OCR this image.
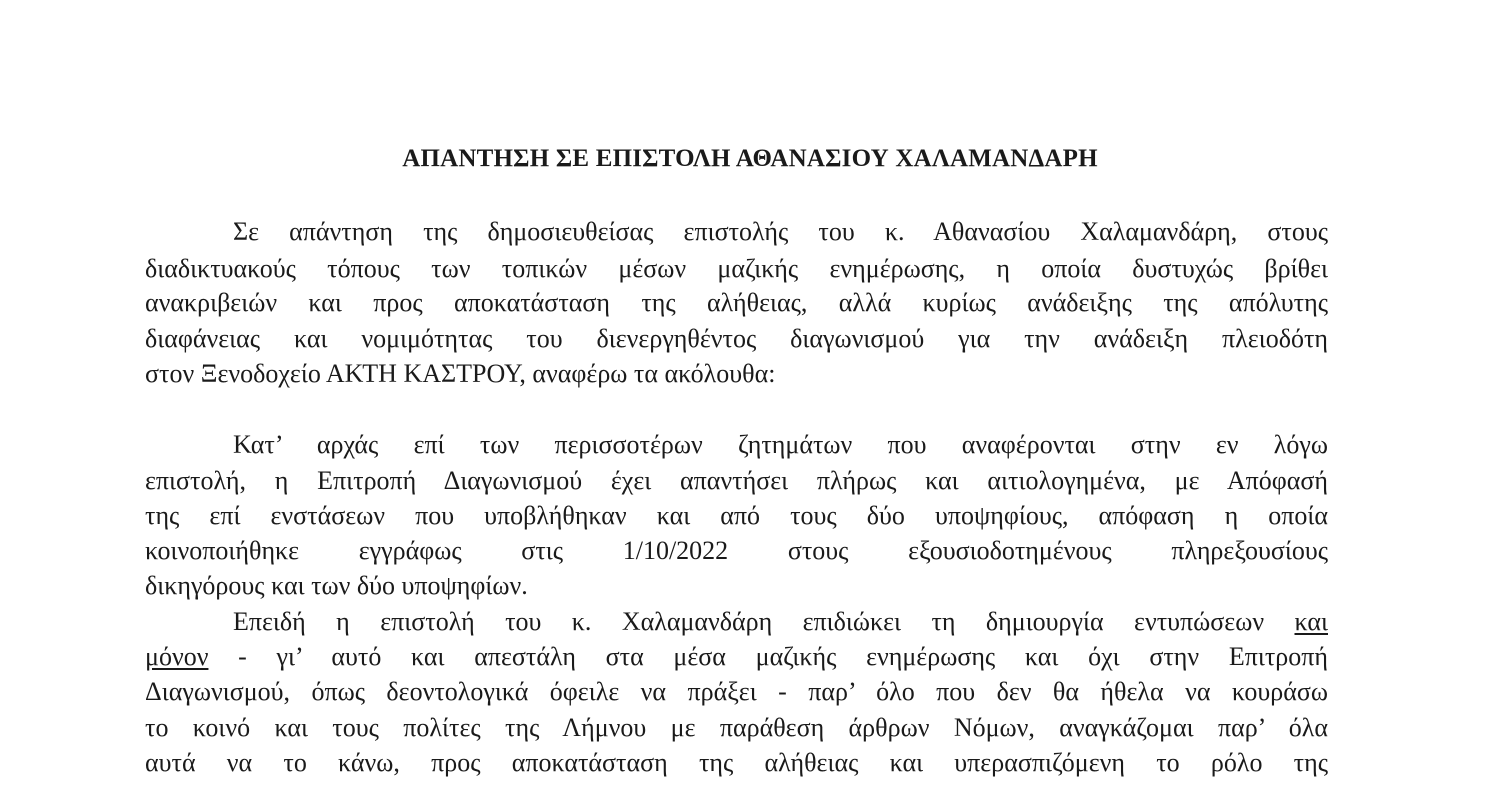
ΑΠΑΝΤΗΣΗ ΣΕ ΕΠΙΣΤΟΛΗ ΑΘΑΝΑΣΙΟΥ ΧΑΛΑΜΑΝΔΑΡΗ
Σε απάντηση της δημοσιευθείσας επιστολής του κ. Αθανασίου Χαλαμανδάρη, στους
διαδικτυακούς τόπους των τοπικών μέσων μαζικής ενημέρωσης, η οποία δυστυχώς βρίθει
ανακριβειών και προς αποκατάσταση της αλήθειας, αλλά κυρίως ανάδειξης της απόλυτης
διαφάνειας και νομιμότητας του διενεργηθέντος διαγωνισμού για την ανάδειξη πλειοδότη
στον Ξενοδοχείο ΑΚΤΗ ΚΑΣΤΡΟΥ, αναφέρω τα ακόλουθα:
Κατ’ αρχάς επί των περισσοτέρων ζητημάτων που αναφέρονται στην εν λόγω
επιστολή, η Επιτροπή Διαγωνισμού έχει απαντήσει πλήρως και αιτιολογημένα, με Απόφασή
της επί ενστάσεων που υποβλήθηκαν και από τους δύο υποψηφίους, απόφαση η οποία
κοινοποιήθηκε εγγράφως στις 1/10/2022 στους εξουσιοδοτημένους πληρεξουσίους
δικηγόρους και των δύο υποψηφίων.
Επειδή η επιστολή του κ. Χαλαμανδάρη επιδιώκει τη δημιουργία εντυπώσεων και
μόνον - γι’ αυτό και απεστάλη στα μέσα μαζικής ενημέρωσης και όχι στην Επιτροπή
Διαγωνισμού, όπως δεοντολογικά όφειλε να πράξει - παρ’ όλο που δεν θα ήθελα να κουράσω
το κοινό και τους πολίτες της Λήμνου με παράθεση άρθρων Νόμων, αναγκάζομαι παρ’ όλα
αυτά να το κάνω, προς αποκατάσταση της αλήθειας και υπερασπιζόμενη το ρόλο της
